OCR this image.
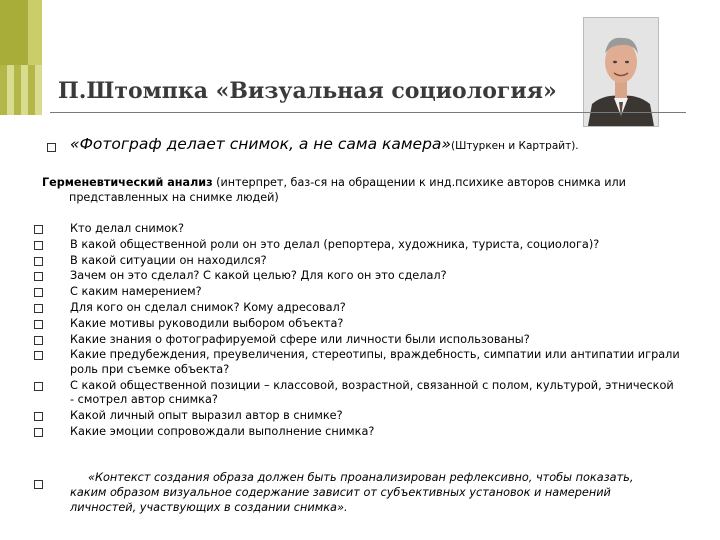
П.Штомпка «Визуальная социология»
«Фотограф делает снимок, а не сама камера»(Штуркен и Картрайт).
Герменевтический анализ (интерпрет, баз-ся на обращении к инд.психике авторов снимка или представленных на снимке людей)
Кто делал снимок?
В какой общественной роли он это делал (репортера, художника, туриста, социолога)?
В какой ситуации он находился?
Зачем он это сделал? С какой целью? Для кого он это сделал?
С каким намерением?
Для кого он сделал снимок? Кому адресовал?
Какие мотивы руководили выбором объекта?
Какие знания о фотографируемой сфере или личности были использованы?
Какие предубеждения, преувеличения, стереотипы, враждебность, симпатии или антипатии играли роль при съемке объекта?
С какой общественной позиции – классовой, возрастной, связанной с полом, культурой, этнической - смотрел автор снимка?
Какой личный опыт выразил автор в снимке?
Какие эмоции сопровождали выполнение снимка?
«Контекст создания образа должен быть проанализирован рефлексивно, чтобы показать, каким образом визуальное содержание зависит от субъективных установок и намерений личностей, участвующих в создании снимка».
